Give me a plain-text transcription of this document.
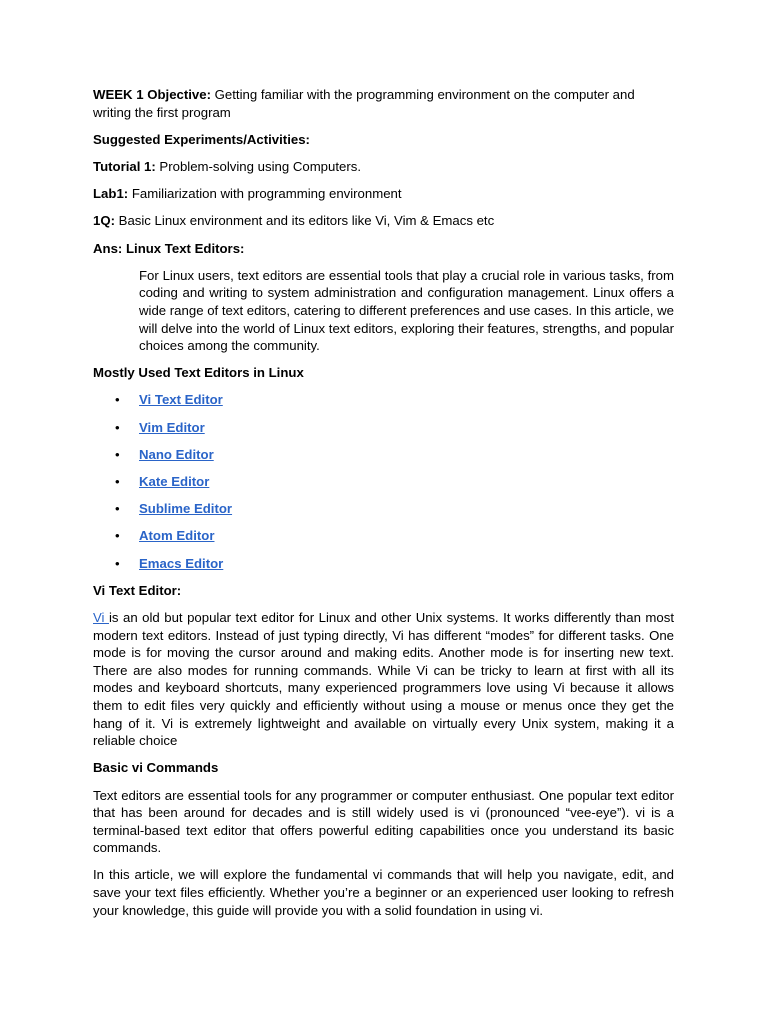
WEEK 1 Objective: Getting familiar with the programming environment on the computer and writing the first program

Suggested Experiments/Activities:

Tutorial 1: Problem-solving using Computers.

Lab1: Familiarization with programming environment

1Q: Basic Linux environment and its editors like Vi, Vim & Emacs etc

Ans: Linux Text Editors:

For Linux users, text editors are essential tools that play a crucial role in various tasks, from coding and writing to system administration and configuration management. Linux offers a wide range of text editors, catering to different preferences and use cases. In this article, we will delve into the world of Linux text editors, exploring their features, strengths, and popular choices among the community.

Mostly Used Text Editors in Linux

• Vi Text Editor
• Vim Editor
• Nano Editor
• Kate Editor
• Sublime Editor
• Atom Editor
• Emacs Editor

Vi Text Editor:

Vi is an old but popular text editor for Linux and other Unix systems. It works differently than most modern text editors. Instead of just typing directly, Vi has different “modes” for different tasks. One mode is for moving the cursor around and making edits. Another mode is for inserting new text. There are also modes for running commands. While Vi can be tricky to learn at first with all its modes and keyboard shortcuts, many experienced programmers love using Vi because it allows them to edit files very quickly and efficiently without using a mouse or menus once they get the hang of it. Vi is extremely lightweight and available on virtually every Unix system, making it a reliable choice

Basic vi Commands

Text editors are essential tools for any programmer or computer enthusiast. One popular text editor that has been around for decades and is still widely used is vi (pronounced “vee-eye”). vi is a terminal-based text editor that offers powerful editing capabilities once you understand its basic commands.

In this article, we will explore the fundamental vi commands that will help you navigate, edit, and save your text files efficiently. Whether you’re a beginner or an experienced user looking to refresh your knowledge, this guide will provide you with a solid foundation in using vi.
